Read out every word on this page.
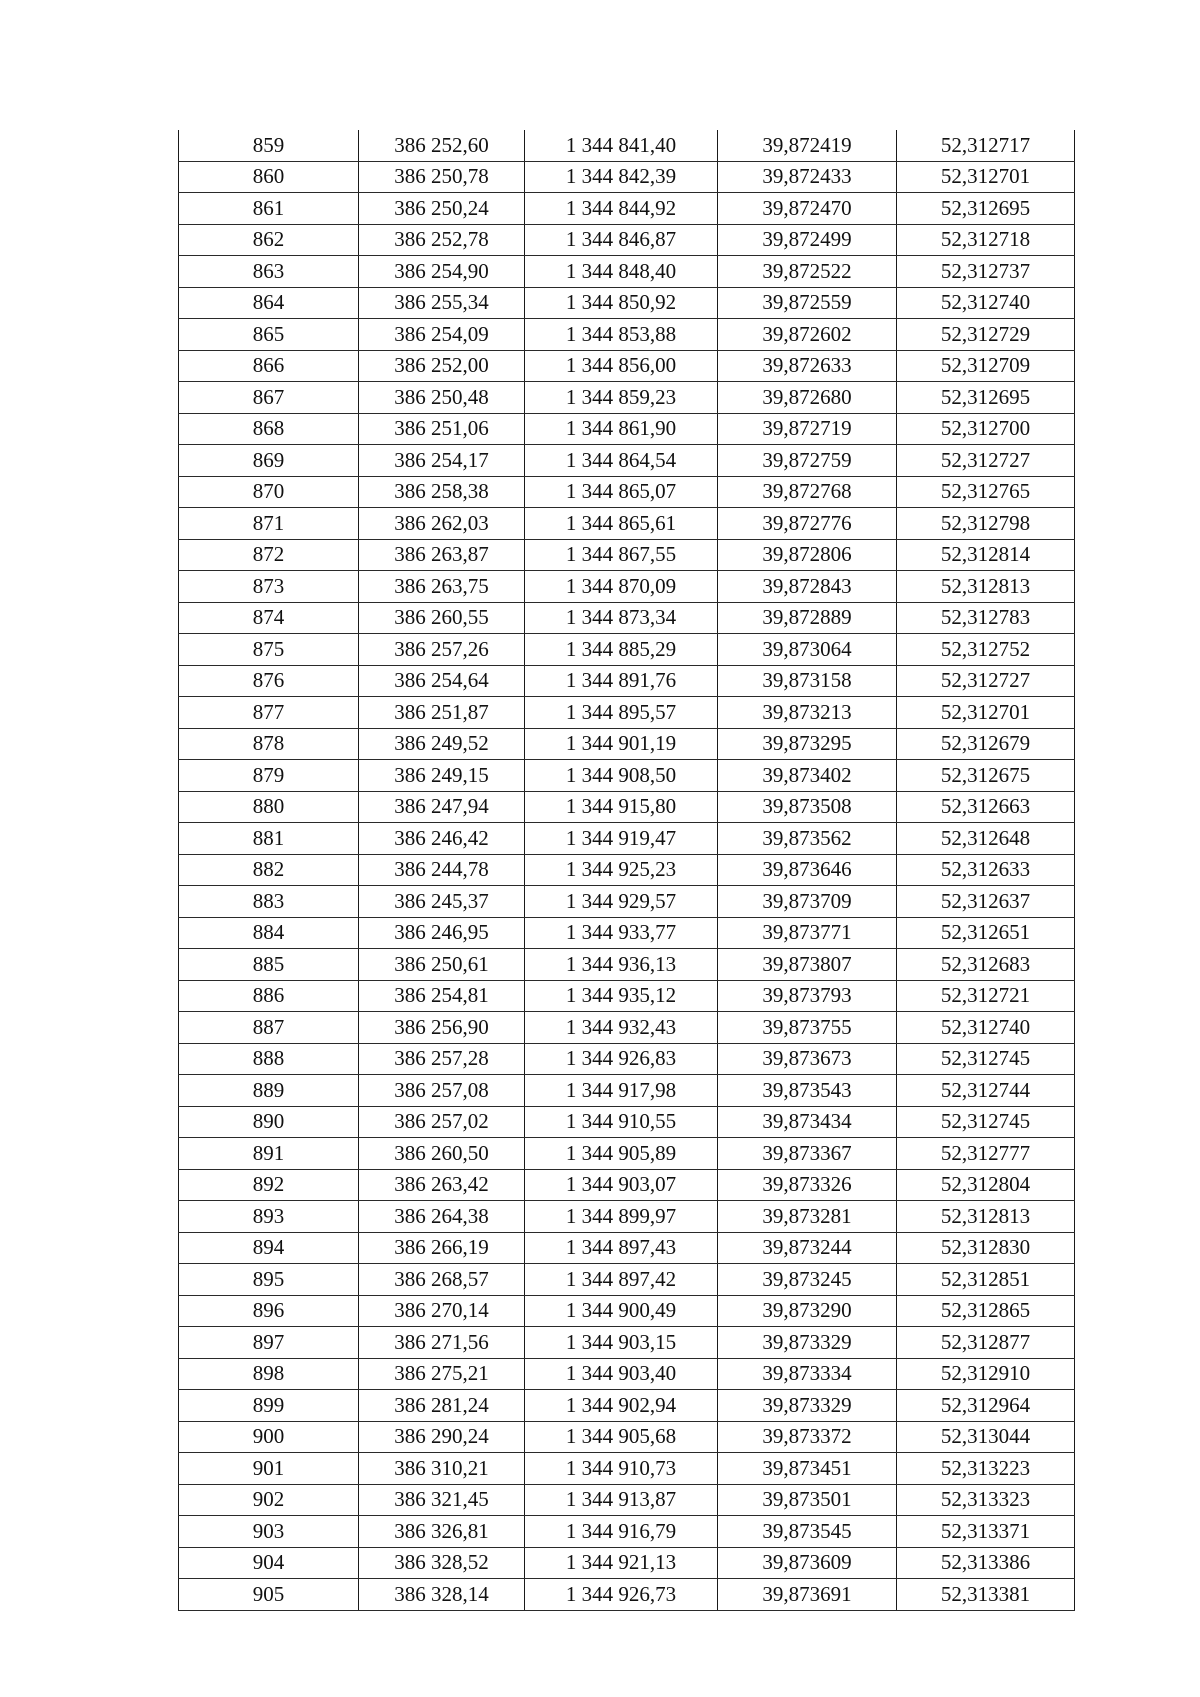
859	386 252,60	1 344 841,40	39,872419	52,312717
860	386 250,78	1 344 842,39	39,872433	52,312701
861	386 250,24	1 344 844,92	39,872470	52,312695
862	386 252,78	1 344 846,87	39,872499	52,312718
863	386 254,90	1 344 848,40	39,872522	52,312737
864	386 255,34	1 344 850,92	39,872559	52,312740
865	386 254,09	1 344 853,88	39,872602	52,312729
866	386 252,00	1 344 856,00	39,872633	52,312709
867	386 250,48	1 344 859,23	39,872680	52,312695
868	386 251,06	1 344 861,90	39,872719	52,312700
869	386 254,17	1 344 864,54	39,872759	52,312727
870	386 258,38	1 344 865,07	39,872768	52,312765
871	386 262,03	1 344 865,61	39,872776	52,312798
872	386 263,87	1 344 867,55	39,872806	52,312814
873	386 263,75	1 344 870,09	39,872843	52,312813
874	386 260,55	1 344 873,34	39,872889	52,312783
875	386 257,26	1 344 885,29	39,873064	52,312752
876	386 254,64	1 344 891,76	39,873158	52,312727
877	386 251,87	1 344 895,57	39,873213	52,312701
878	386 249,52	1 344 901,19	39,873295	52,312679
879	386 249,15	1 344 908,50	39,873402	52,312675
880	386 247,94	1 344 915,80	39,873508	52,312663
881	386 246,42	1 344 919,47	39,873562	52,312648
882	386 244,78	1 344 925,23	39,873646	52,312633
883	386 245,37	1 344 929,57	39,873709	52,312637
884	386 246,95	1 344 933,77	39,873771	52,312651
885	386 250,61	1 344 936,13	39,873807	52,312683
886	386 254,81	1 344 935,12	39,873793	52,312721
887	386 256,90	1 344 932,43	39,873755	52,312740
888	386 257,28	1 344 926,83	39,873673	52,312745
889	386 257,08	1 344 917,98	39,873543	52,312744
890	386 257,02	1 344 910,55	39,873434	52,312745
891	386 260,50	1 344 905,89	39,873367	52,312777
892	386 263,42	1 344 903,07	39,873326	52,312804
893	386 264,38	1 344 899,97	39,873281	52,312813
894	386 266,19	1 344 897,43	39,873244	52,312830
895	386 268,57	1 344 897,42	39,873245	52,312851
896	386 270,14	1 344 900,49	39,873290	52,312865
897	386 271,56	1 344 903,15	39,873329	52,312877
898	386 275,21	1 344 903,40	39,873334	52,312910
899	386 281,24	1 344 902,94	39,873329	52,312964
900	386 290,24	1 344 905,68	39,873372	52,313044
901	386 310,21	1 344 910,73	39,873451	52,313223
902	386 321,45	1 344 913,87	39,873501	52,313323
903	386 326,81	1 344 916,79	39,873545	52,313371
904	386 328,52	1 344 921,13	39,873609	52,313386
905	386 328,14	1 344 926,73	39,873691	52,313381
